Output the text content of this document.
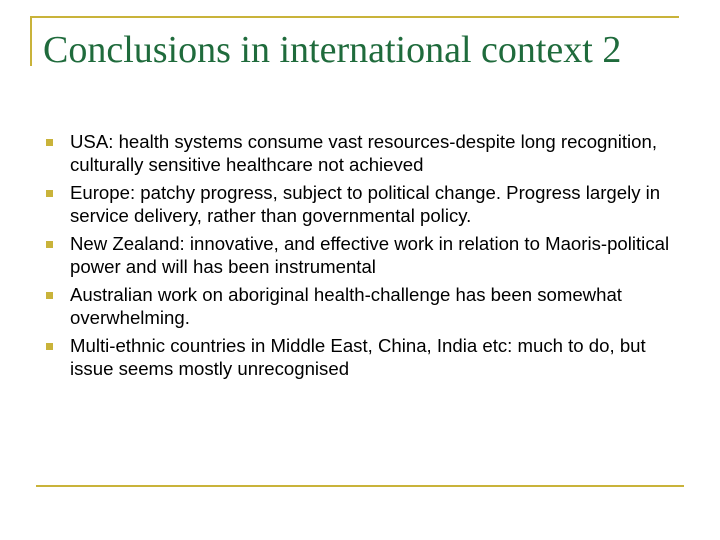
Conclusions in international context 2
USA: health systems consume vast resources-despite long recognition, culturally sensitive healthcare not achieved
Europe: patchy progress, subject to political change. Progress largely in service delivery, rather than governmental policy.
New Zealand: innovative, and effective work in relation to Maoris-political power and will has been instrumental
Australian work on aboriginal health-challenge has been somewhat overwhelming.
Multi-ethnic countries in Middle East, China, India etc: much to do, but issue seems mostly unrecognised
